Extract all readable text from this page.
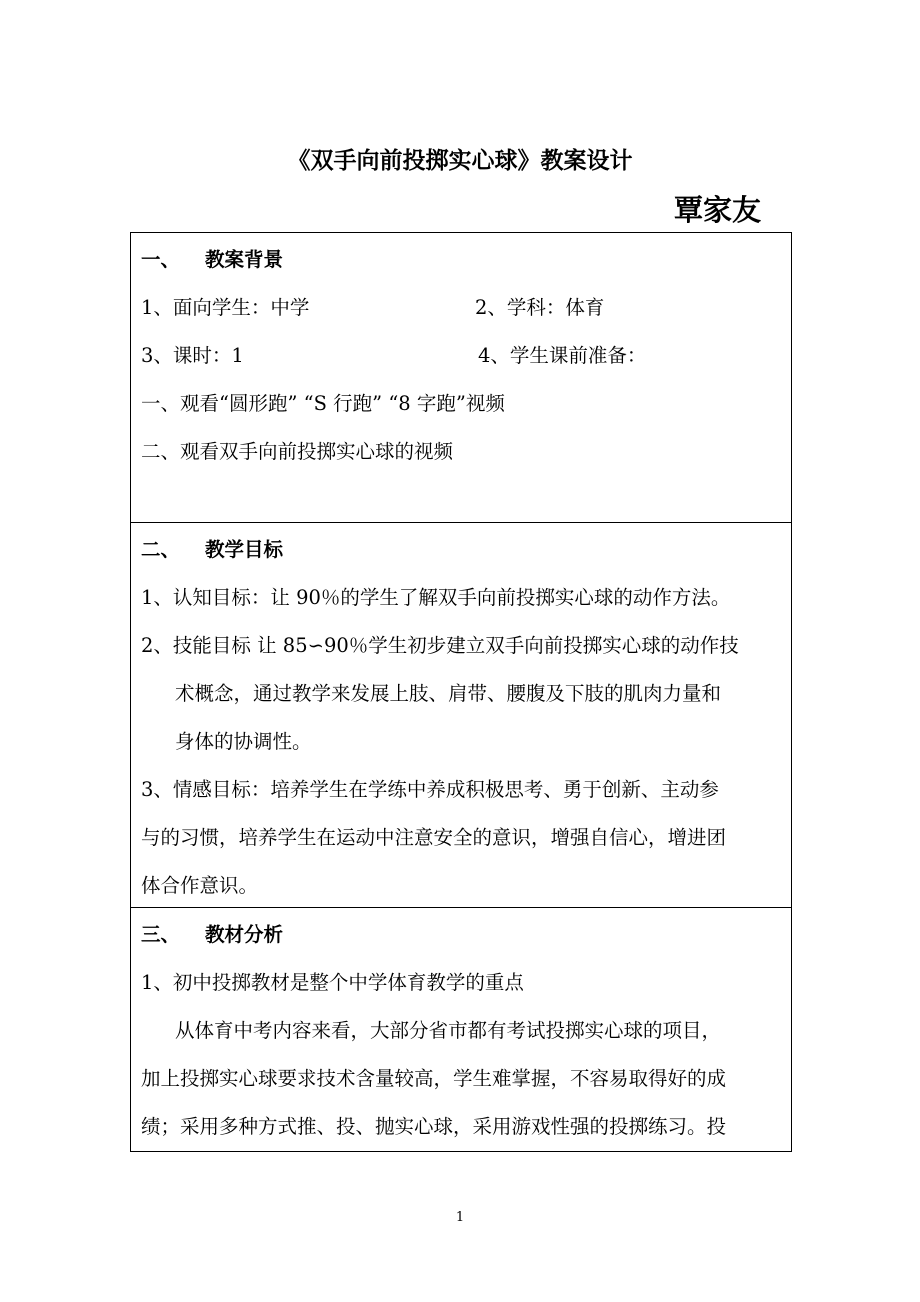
《双手向前投掷实心球》教案设计
覃家友
一、 教案背景
1、面向学生：中学	2、学科：体育
3、课时：1	4、学生课前准备：
一、观看“圆形跑” “S 行跑” “8 字跑”视频
二、观看双手向前投掷实心球的视频
二、 教学目标
1、认知目标：让 90％的学生了解双手向前投掷实心球的动作方法。
2、技能目标 让 85∽90％学生初步建立双手向前投掷实心球的动作技
术概念，通过教学来发展上肢、肩带、腰腹及下肢的肌肉力量和
身体的协调性。
3、情感目标：培养学生在学练中养成积极思考、勇于创新、主动参
与的习惯，培养学生在运动中注意安全的意识，增强自信心，增进团
体合作意识。
三、 教材分析
1、初中投掷教材是整个中学体育教学的重点
从体育中考内容来看，大部分省市都有考试投掷实心球的项目，
加上投掷实心球要求技术含量较高，学生难掌握，不容易取得好的成
绩；采用多种方式推、投、抛实心球，采用游戏性强的投掷练习。投
1
